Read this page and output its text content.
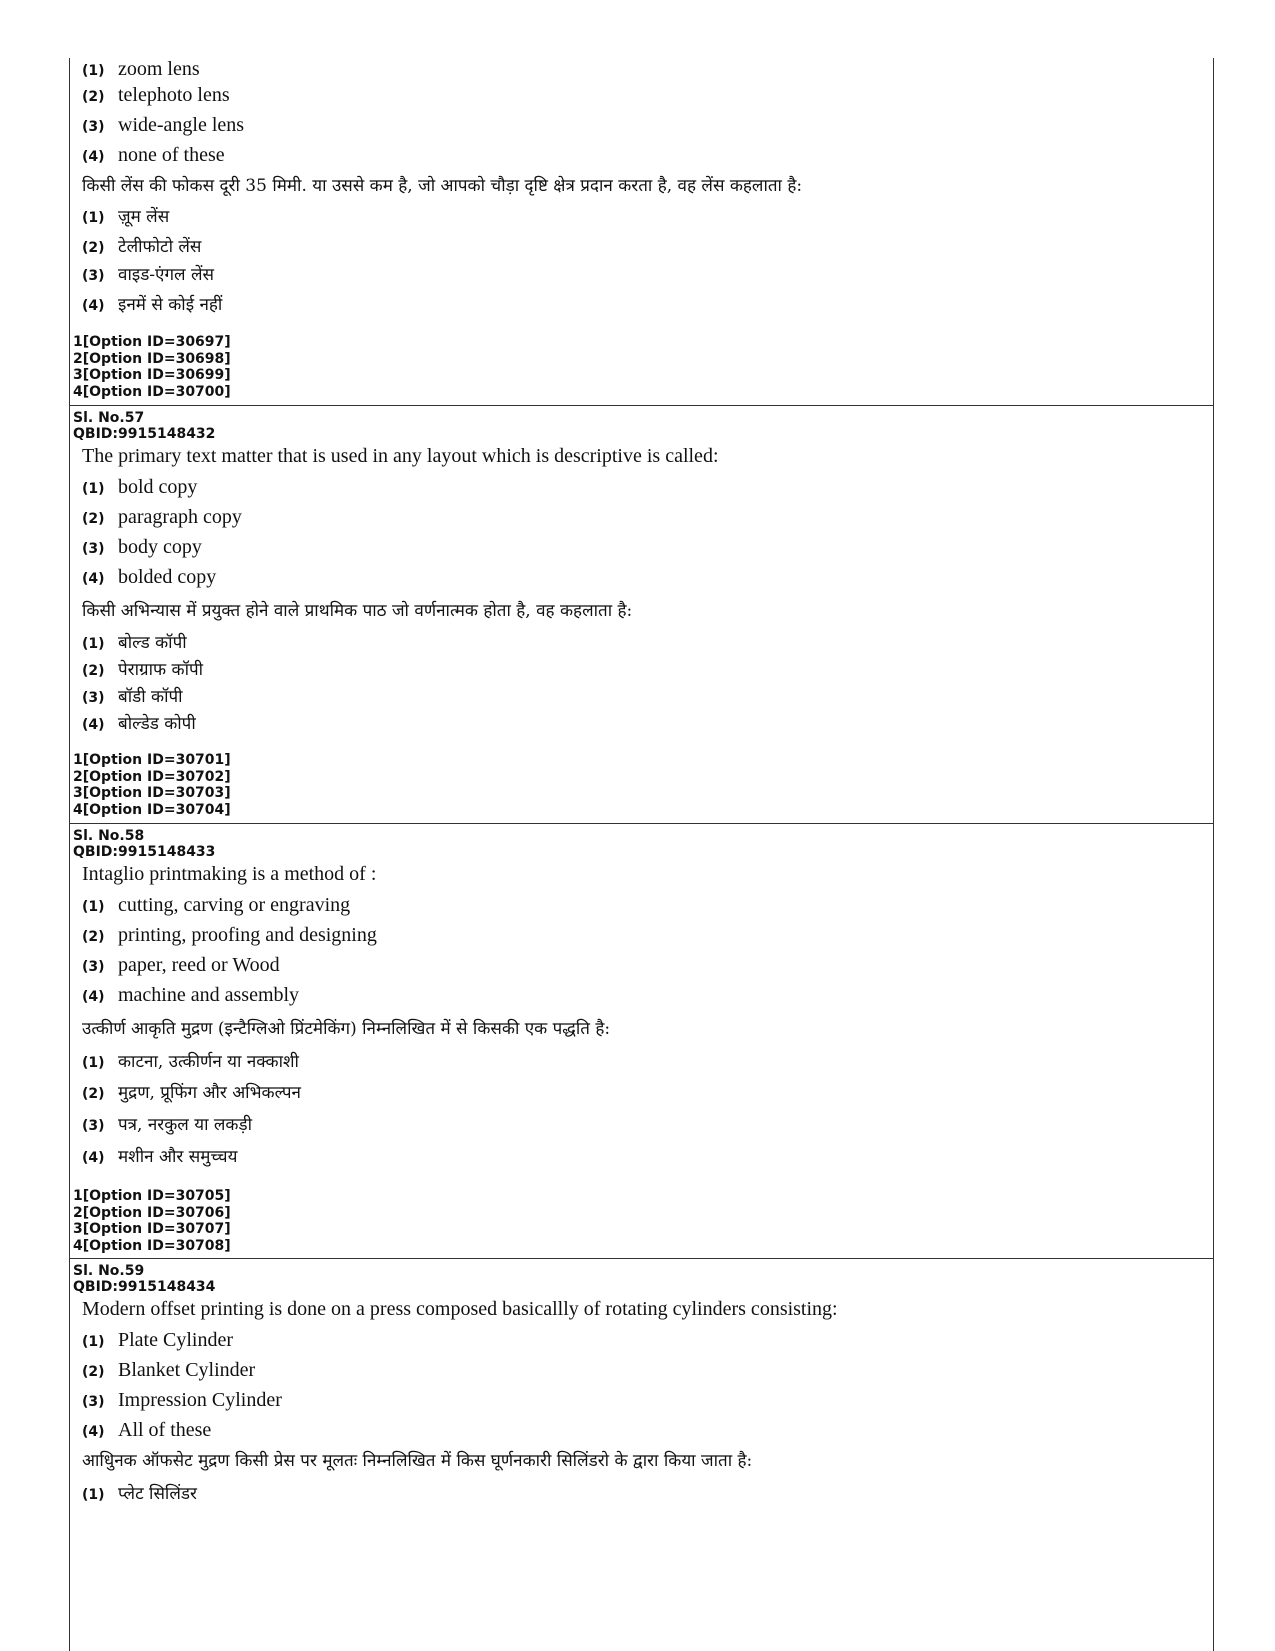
(1) zoom lens
(2) telephoto lens
(3) wide-angle lens
(4) none of these
किसी लेंस की फोकस दूरी 35 मिमी. या उससे कम है, जो आपको चौड़ा दृष्टि क्षेत्र प्रदान करता है, वह लेंस कहलाता है:
(1) ज़ूम लेंस
(2) टेलीफोटो लेंस
(3) वाइड-एंगल लेंस
(4) इनमें से कोई नहीं
1[Option ID=30697]
2[Option ID=30698]
3[Option ID=30699]
4[Option ID=30700]
Sl. No.57
QBID:9915148432
The primary text matter that is used in any layout which is descriptive is called:
(1) bold copy
(2) paragraph copy
(3) body copy
(4) bolded copy
किसी अभिन्यास में प्रयुक्त होने वाले प्राथमिक पाठ जो वर्णनात्मक होता है, वह कहलाता है:
(1) बोल्ड कॉपी
(2) पेराग्राफ कॉपी
(3) बॉडी कॉपी
(4) बोल्डेड कोपी
1[Option ID=30701]
2[Option ID=30702]
3[Option ID=30703]
4[Option ID=30704]
Sl. No.58
QBID:9915148433
Intaglio printmaking is a method of :
(1) cutting, carving or engraving
(2) printing, proofing and designing
(3) paper, reed or Wood
(4) machine and assembly
उत्कीर्ण आकृति मुद्रण (इन्टैग्लिओ प्रिंटमेकिंग) निम्नलिखित में से किसकी एक पद्धति है:
(1) काटना, उत्कीर्णन या नक्काशी
(2) मुद्रण, प्रूफिंग और अभिकल्पन
(3) पत्र, नरकुल या लकड़ी
(4) मशीन और समुच्चय
1[Option ID=30705]
2[Option ID=30706]
3[Option ID=30707]
4[Option ID=30708]
Sl. No.59
QBID:9915148434
Modern offset printing is done on a press composed basicallly of rotating cylinders consisting:
(1) Plate Cylinder
(2) Blanket Cylinder
(3) Impression Cylinder
(4) All of these
आधुिनक ऑफसेट मुद्रण किसी प्रेस पर मूलतः निम्नलिखित में किस घूर्णनकारी सिलिंडरो के द्वारा किया जाता है:
(1) प्लेट सिलिंडर
